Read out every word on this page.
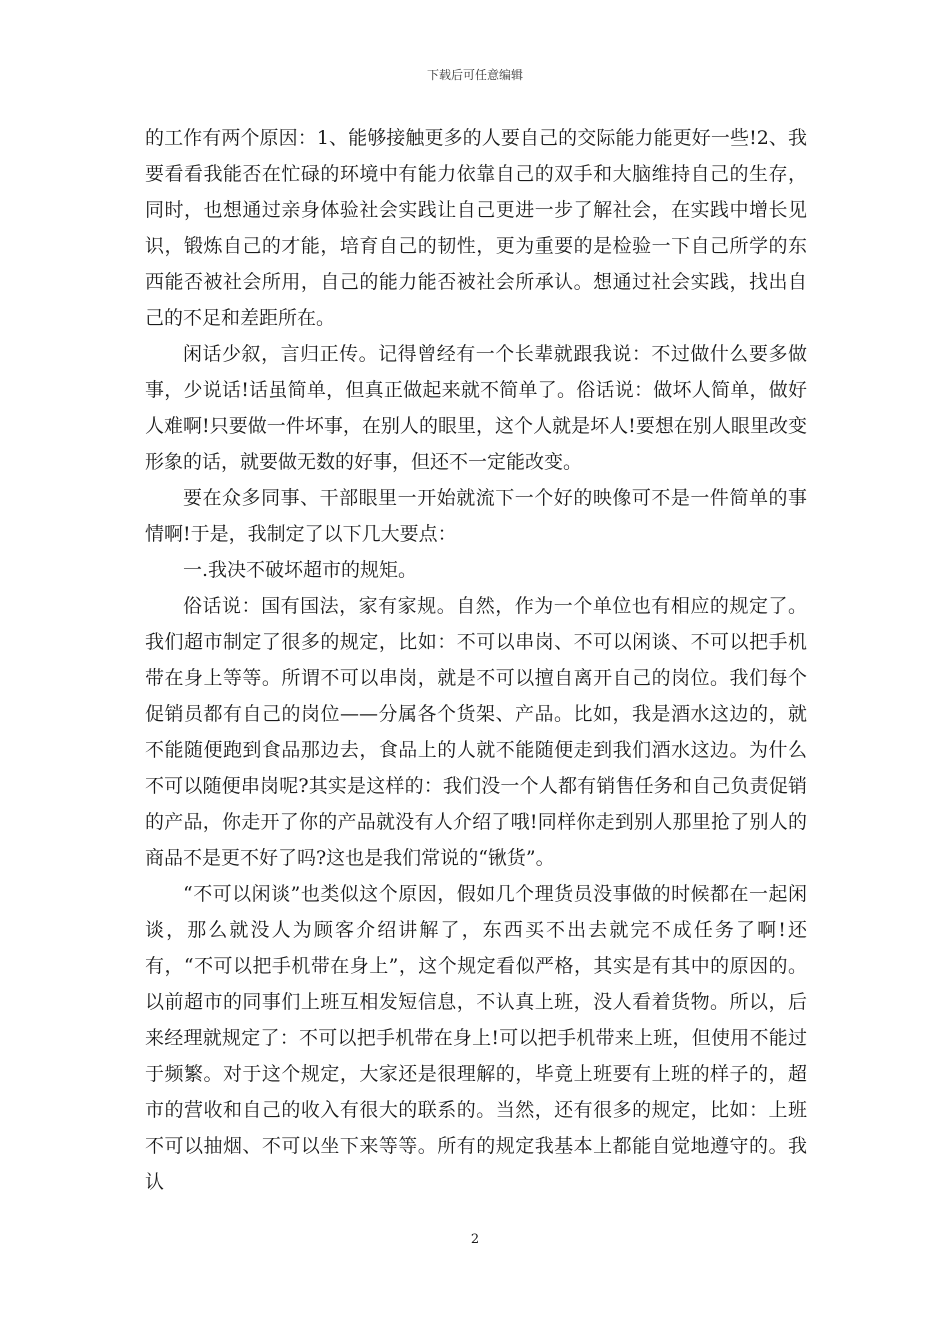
下载后可任意编辑

的工作有两个原因：1、能够接触更多的人要自己的交际能力能更好一些!2、我要看看我能否在忙碌的环境中有能力依靠自己的双手和大脑维持自己的生存，同时，也想通过亲身体验社会实践让自己更进一步了解社会，在实践中增长见识，锻炼自己的才能，培育自己的韧性，更为重要的是检验一下自己所学的东西能否被社会所用，自己的能力能否被社会所承认。想通过社会实践，找出自己的不足和差距所在。

闲话少叙，言归正传。记得曾经有一个长辈就跟我说：不过做什么要多做事，少说话!话虽简单，但真正做起来就不简单了。俗话说：做坏人简单，做好人难啊!只要做一件坏事，在别人的眼里，这个人就是坏人!要想在别人眼里改变形象的话，就要做无数的好事，但还不一定能改变。

要在众多同事、干部眼里一开始就流下一个好的映像可不是一件简单的事情啊!于是，我制定了以下几大要点：

一.我决不破坏超市的规矩。

俗话说：国有国法，家有家规。自然，作为一个单位也有相应的规定了。我们超市制定了很多的规定，比如：不可以串岗、不可以闲谈、不可以把手机带在身上等等。所谓不可以串岗，就是不可以擅自离开自己的岗位。我们每个促销员都有自己的岗位——分属各个货架、产品。比如，我是酒水这边的，就不能随便跑到食品那边去，食品上的人就不能随便走到我们酒水这边。为什么不可以随便串岗呢?其实是这样的：我们没一个人都有销售任务和自己负责促销的产品，你走开了你的产品就没有人介绍了哦!同样你走到别人那里抢了别人的商品不是更不好了吗?这也是我们常说的“锹货”。

“不可以闲谈”也类似这个原因，假如几个理货员没事做的时候都在一起闲谈，那么就没人为顾客介绍讲解了，东西买不出去就完不成任务了啊!还有，“不可以把手机带在身上”，这个规定看似严格，其实是有其中的原因的。以前超市的同事们上班互相发短信息，不认真上班，没人看着货物。所以，后来经理就规定了：不可以把手机带在身上!可以把手机带来上班，但使用不能过于频繁。对于这个规定，大家还是很理解的，毕竟上班要有上班的样子的，超市的营收和自己的收入有很大的联系的。当然，还有很多的规定，比如：上班不可以抽烟、不可以坐下来等等。所有的规定我基本上都能自觉地遵守的。我认

2
